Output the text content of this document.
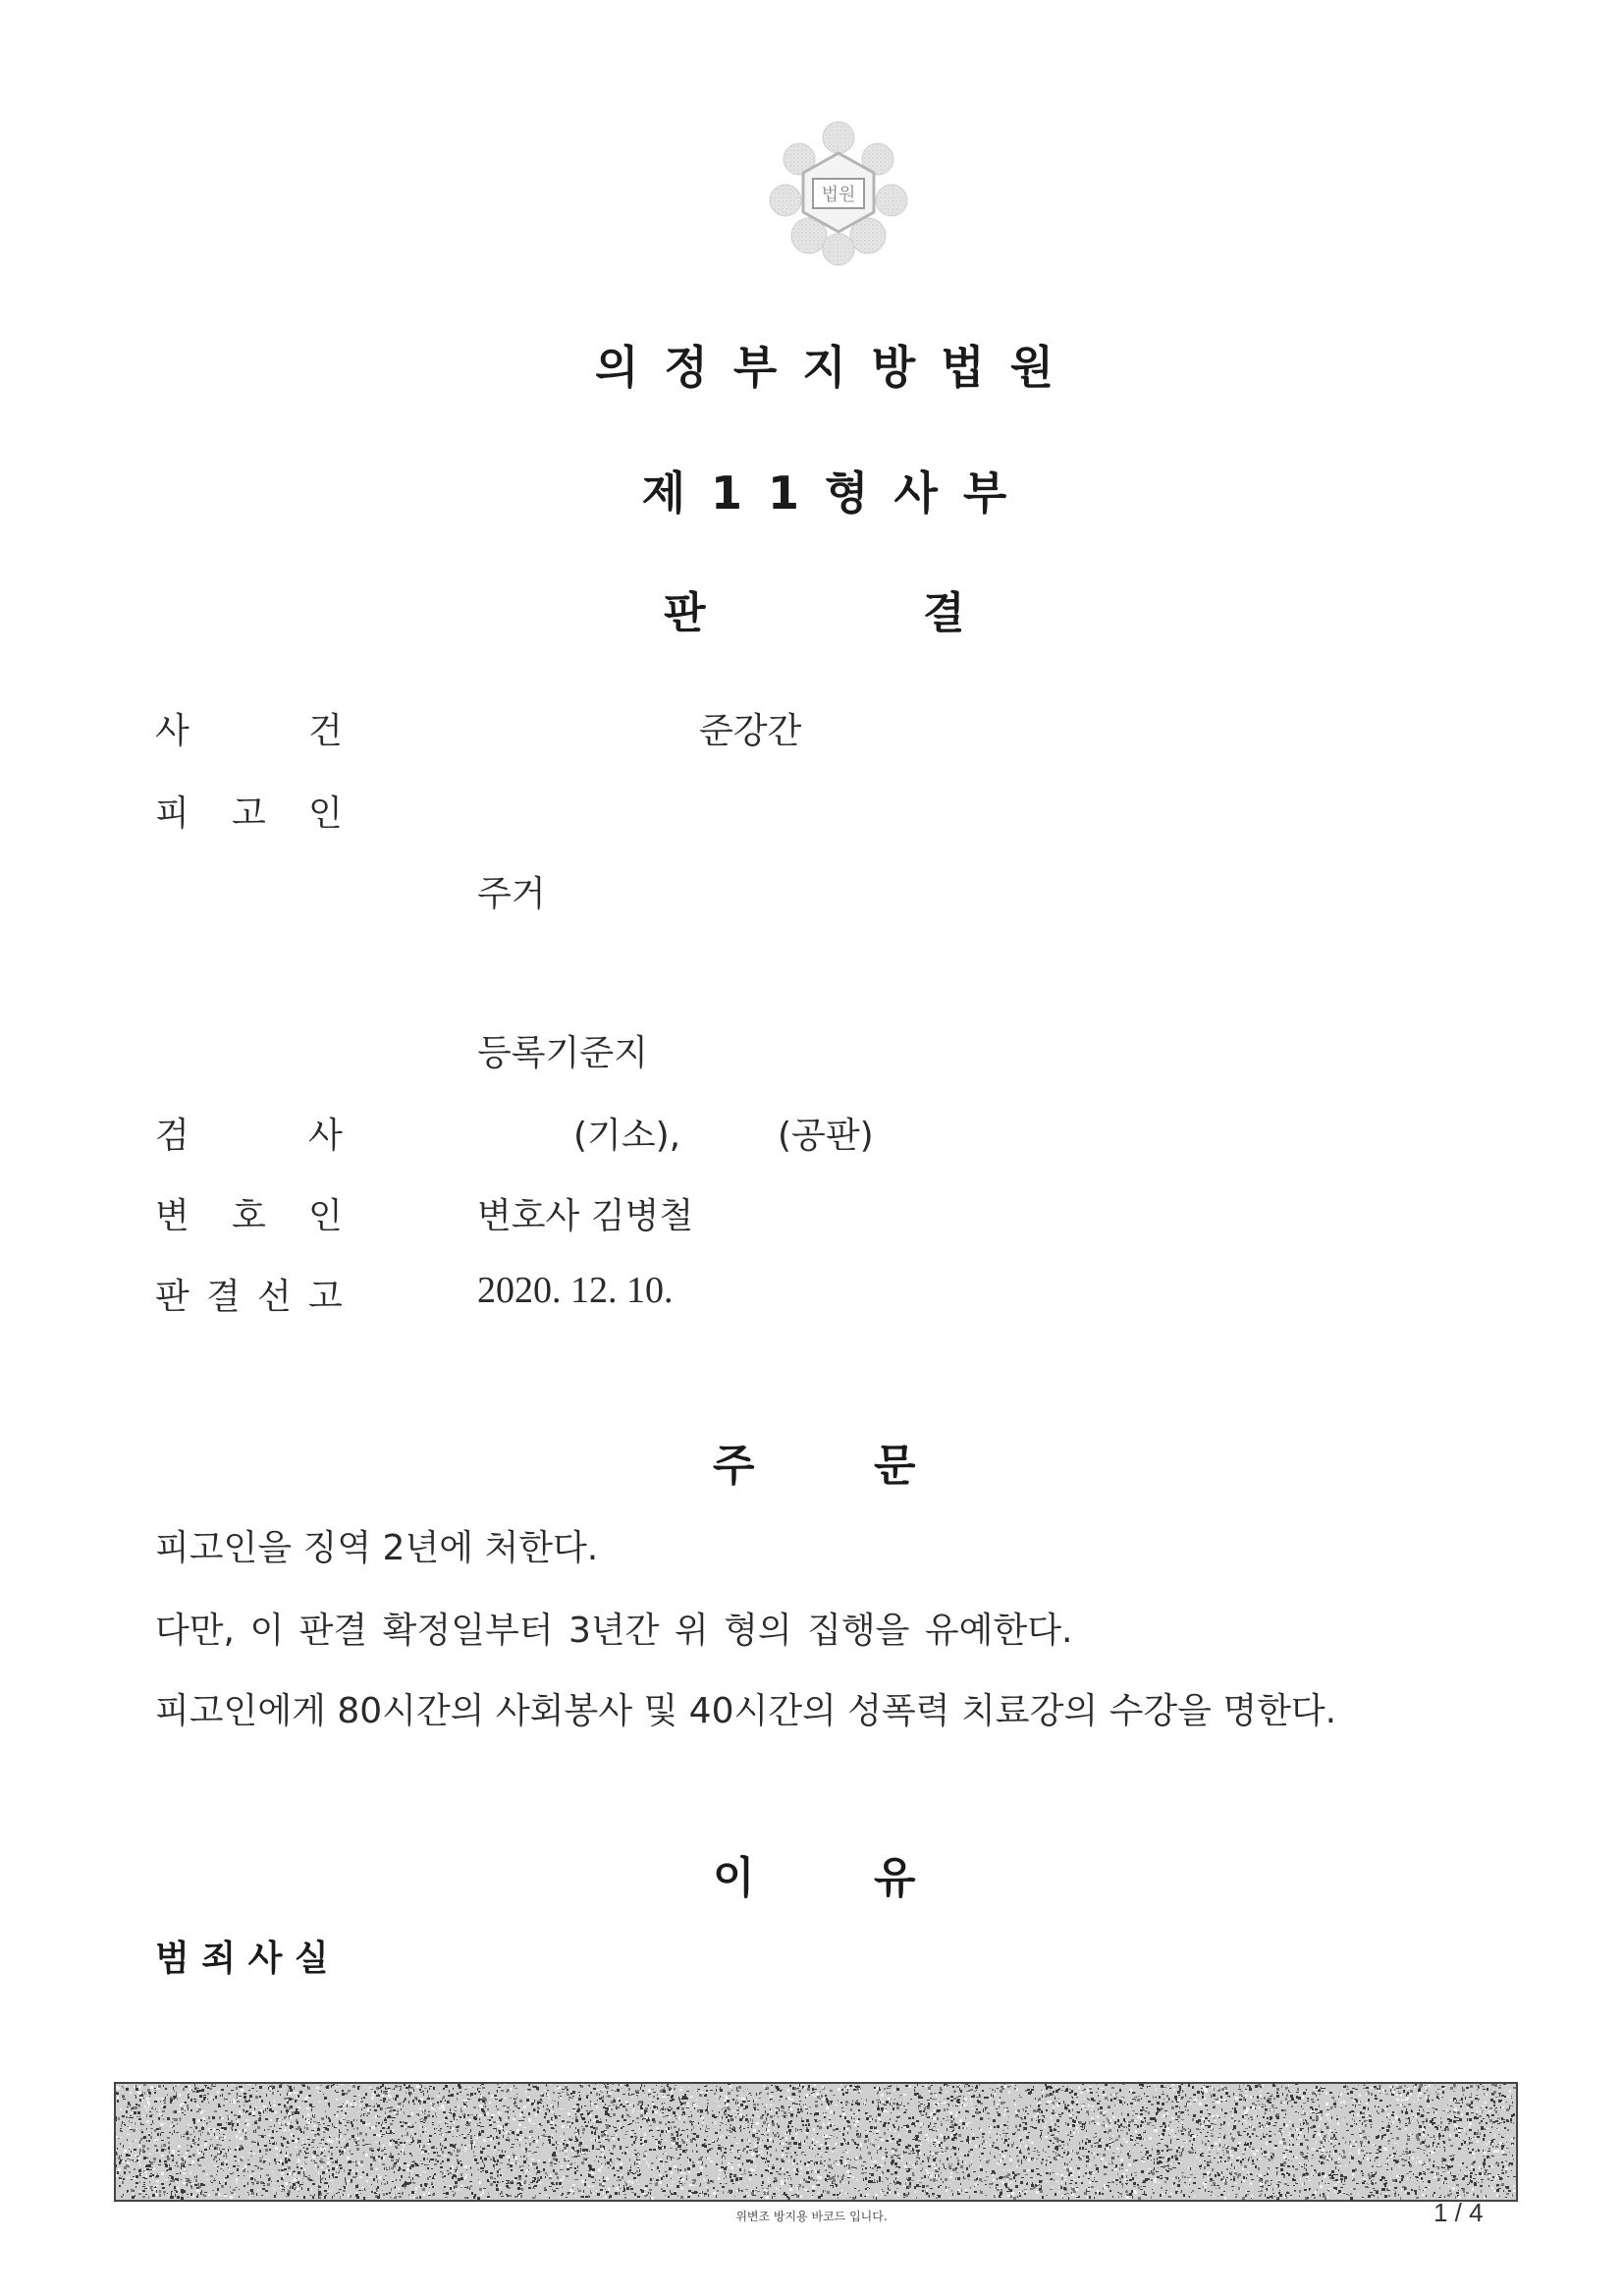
법원
의정부지방법원
제11형사부
판	결
사	건	준강간
피 고 인
주거
등록기준지
검	사	(기소),	(공판)
변 호 인	변호사 김병철
판 결 선 고	2020. 12. 10.
주	문
피고인을 징역 2년에 처한다.
다만, 이 판결 확정일부터 3년간 위 형의 집행을 유예한다.
피고인에게 80시간의 사회봉사 및 40시간의 성폭력 치료강의 수강을 명한다.
이	유
범 죄 사 실
위변조 방지용 바코드 입니다.	1 / 4
